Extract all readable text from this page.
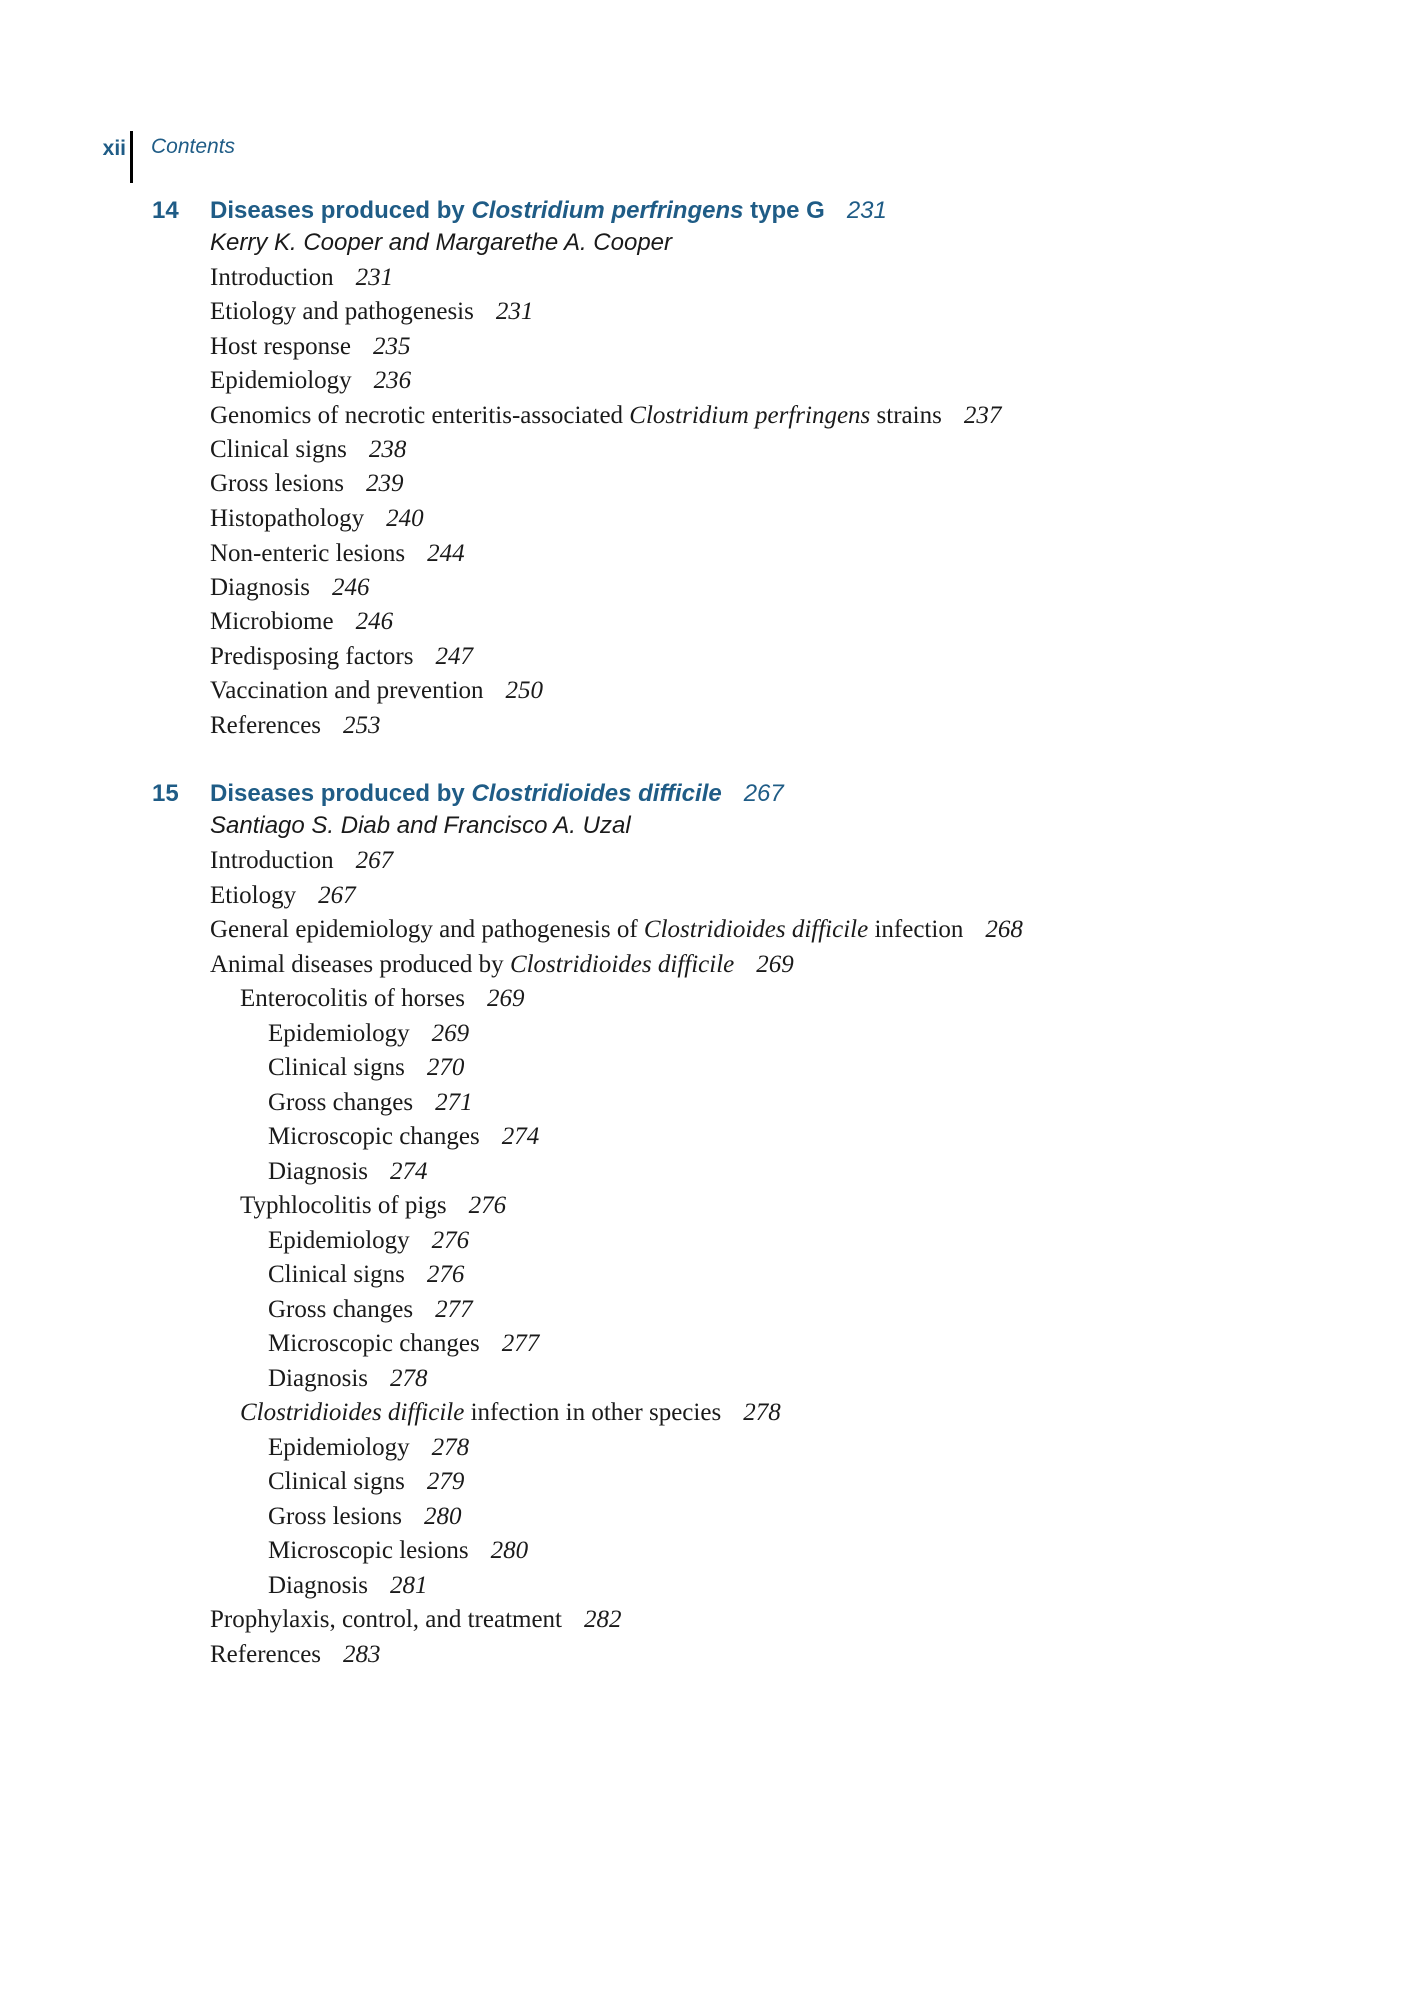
xii Contents
14 Diseases produced by Clostridium perfringens type G 231
Kerry K. Cooper and Margarethe A. Cooper
Introduction 231
Etiology and pathogenesis 231
Host response 235
Epidemiology 236
Genomics of necrotic enteritis-associated Clostridium perfringens strains 237
Clinical signs 238
Gross lesions 239
Histopathology 240
Non-enteric lesions 244
Diagnosis 246
Microbiome 246
Predisposing factors 247
Vaccination and prevention 250
References 253
15 Diseases produced by Clostridioides difficile 267
Santiago S. Diab and Francisco A. Uzal
Introduction 267
Etiology 267
General epidemiology and pathogenesis of Clostridioides difficile infection 268
Animal diseases produced by Clostridioides difficile 269
Enterocolitis of horses 269
Epidemiology 269
Clinical signs 270
Gross changes 271
Microscopic changes 274
Diagnosis 274
Typhlocolitis of pigs 276
Epidemiology 276
Clinical signs 276
Gross changes 277
Microscopic changes 277
Diagnosis 278
Clostridioides difficile infection in other species 278
Epidemiology 278
Clinical signs 279
Gross lesions 280
Microscopic lesions 280
Diagnosis 281
Prophylaxis, control, and treatment 282
References 283
